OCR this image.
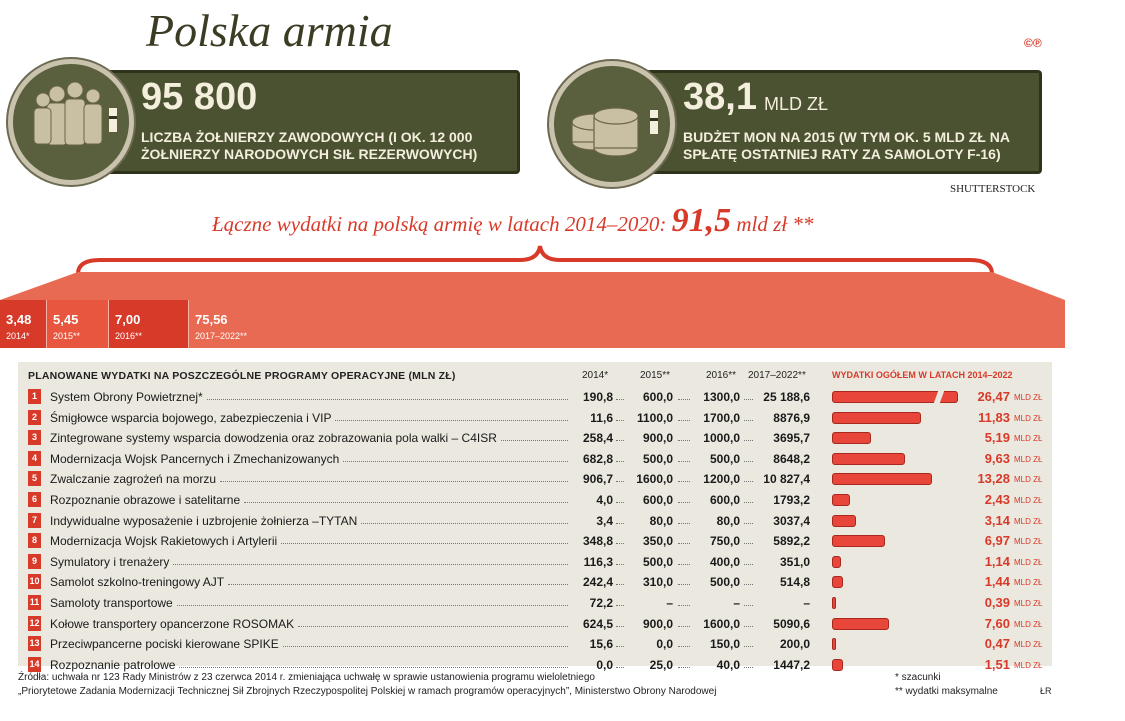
Polska armia	©℗
95 800
LICZBA ŻOŁNIERZY ZAWODOWYCH (I OK. 12 000
ŻOŁNIERZY NARODOWYCH SIŁ REZERWOWYCH)
38,1 MLD ZŁ
BUDŻET MON NA 2015 (W TYM OK. 5 MLD ZŁ NA
SPŁATĘ OSTATNIEJ RATY ZA SAMOLOTY F-16)
SHUTTERSTOCK
Łączne wydatki na polską armię w latach 2014–2020: 91,5 mld zł **
3,48
2014*
5,45
2015**
7,00
2016**
75,56
2017–2022**
PLANOWANE WYDATKI NA POSZCZEGÓLNE PROGRAMY OPERACYJNE (MLN ZŁ)	2014*	2015**	2016** 2017–2022**	WYDATKI OGÓŁEM W LATACH 2014–2022
1	System Obrony Powietrznej*	190,8	600,0	1300,0	25 188,6	26,47 MLD ZŁ
2	Śmigłowce wsparcia bojowego, zabezpieczenia i VIP	11,6	1100,0	1700,0	8876,9	11,83 MLD ZŁ
3	Zintegrowane systemy wsparcia dowodzenia oraz zobrazowania pola walki – C4ISR	258,4	900,0	1000,0	3695,7	5,19 MLD ZŁ
4	Modernizacja Wojsk Pancernych i Zmechanizowanych	682,8	500,0	500,0	8648,2	9,63 MLD ZŁ
5	Zwalczanie zagrożeń na morzu	906,7	1600,0	1200,0	10 827,4	13,28 MLD ZŁ
6	Rozpoznanie obrazowe i satelitarne	4,0	600,0	600,0	1793,2	2,43 MLD ZŁ
7	Indywidualne wyposażenie i uzbrojenie żołnierza –TYTAN	3,4	80,0	80,0	3037,4	3,14 MLD ZŁ
8	Modernizacja Wojsk Rakietowych i Artylerii	348,8	350,0	750,0	5892,2	6,97 MLD ZŁ
9	Symulatory i trenażery	116,3	500,0	400,0	351,0	1,14 MLD ZŁ
10 Samolot szkolno-treningowy AJT	242,4	310,0	500,0	514,8	1,44 MLD ZŁ
11 Samoloty transportowe	72,2	–	–	–	0,39 MLD ZŁ
12 Kołowe transportery opancerzone ROSOMAK	624,5	900,0	1600,0	5090,6	7,60 MLD ZŁ
13 Przeciwpancerne pociski kierowane SPIKE	15,6	0,0	150,0	200,0	0,47 MLD ZŁ
14 Rozpoznanie patrolowe	0,0	25,0	40,0	1447,2	1,51 MLD ZŁ
Źródła: uchwała nr 123 Rady Ministrów z 23 czerwca 2014 r. zmieniająca uchwałę w sprawie ustanowienia programu wieloletniego
„Priorytetowe Zadania Modernizacji Technicznej Sił Zbrojnych Rzeczypospolitej Polskiej w ramach programów operacyjnych”, Ministerstwo Obrony Narodowej
* szacunki
** wydatki maksymalne	ŁR
